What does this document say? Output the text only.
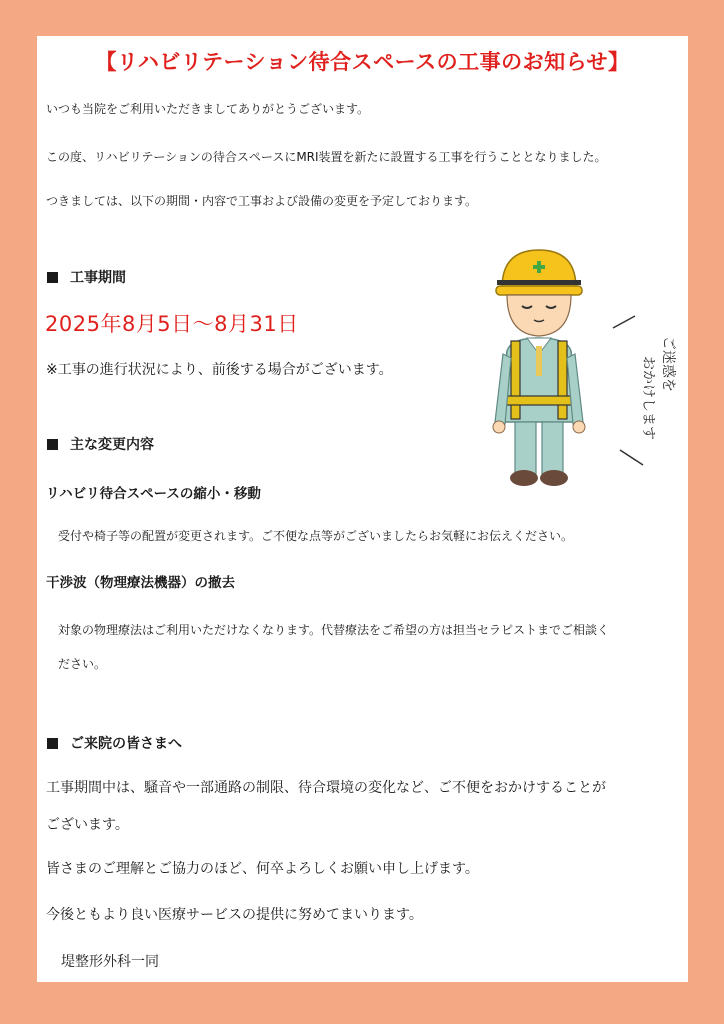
【リハビリテーション待合スペースの工事のお知らせ】
いつも当院をご利用いただきましてありがとうございます。
この度、リハビリテーションの待合スペースにMRI装置を新たに設置する工事を行うこととなりました。
つきましては、以下の期間・内容で工事および設備の変更を予定しております。
工事期間
2025年8月5日〜8月31日
※工事の進行状況により、前後する場合がございます。
主な変更内容
リハビリ待合スペースの縮小・移動
受付や椅子等の配置が変更されます。ご不便な点等がございましたらお気軽にお伝えください。
干渉波（物理療法機器）の撤去
対象の物理療法はご利用いただけなくなります。代替療法をご希望の方は担当セラピストまでご相談く
ださい。
ご来院の皆さまへ
工事期間中は、騒音や一部通路の制限、待合環境の変化など、ご不便をおかけすることが
ございます。
皆さまのご理解とご協力のほど、何卒よろしくお願い申し上げます。
今後ともより良い医療サービスの提供に努めてまいります。
堤整形外科一同
ご迷惑を
おかけします
